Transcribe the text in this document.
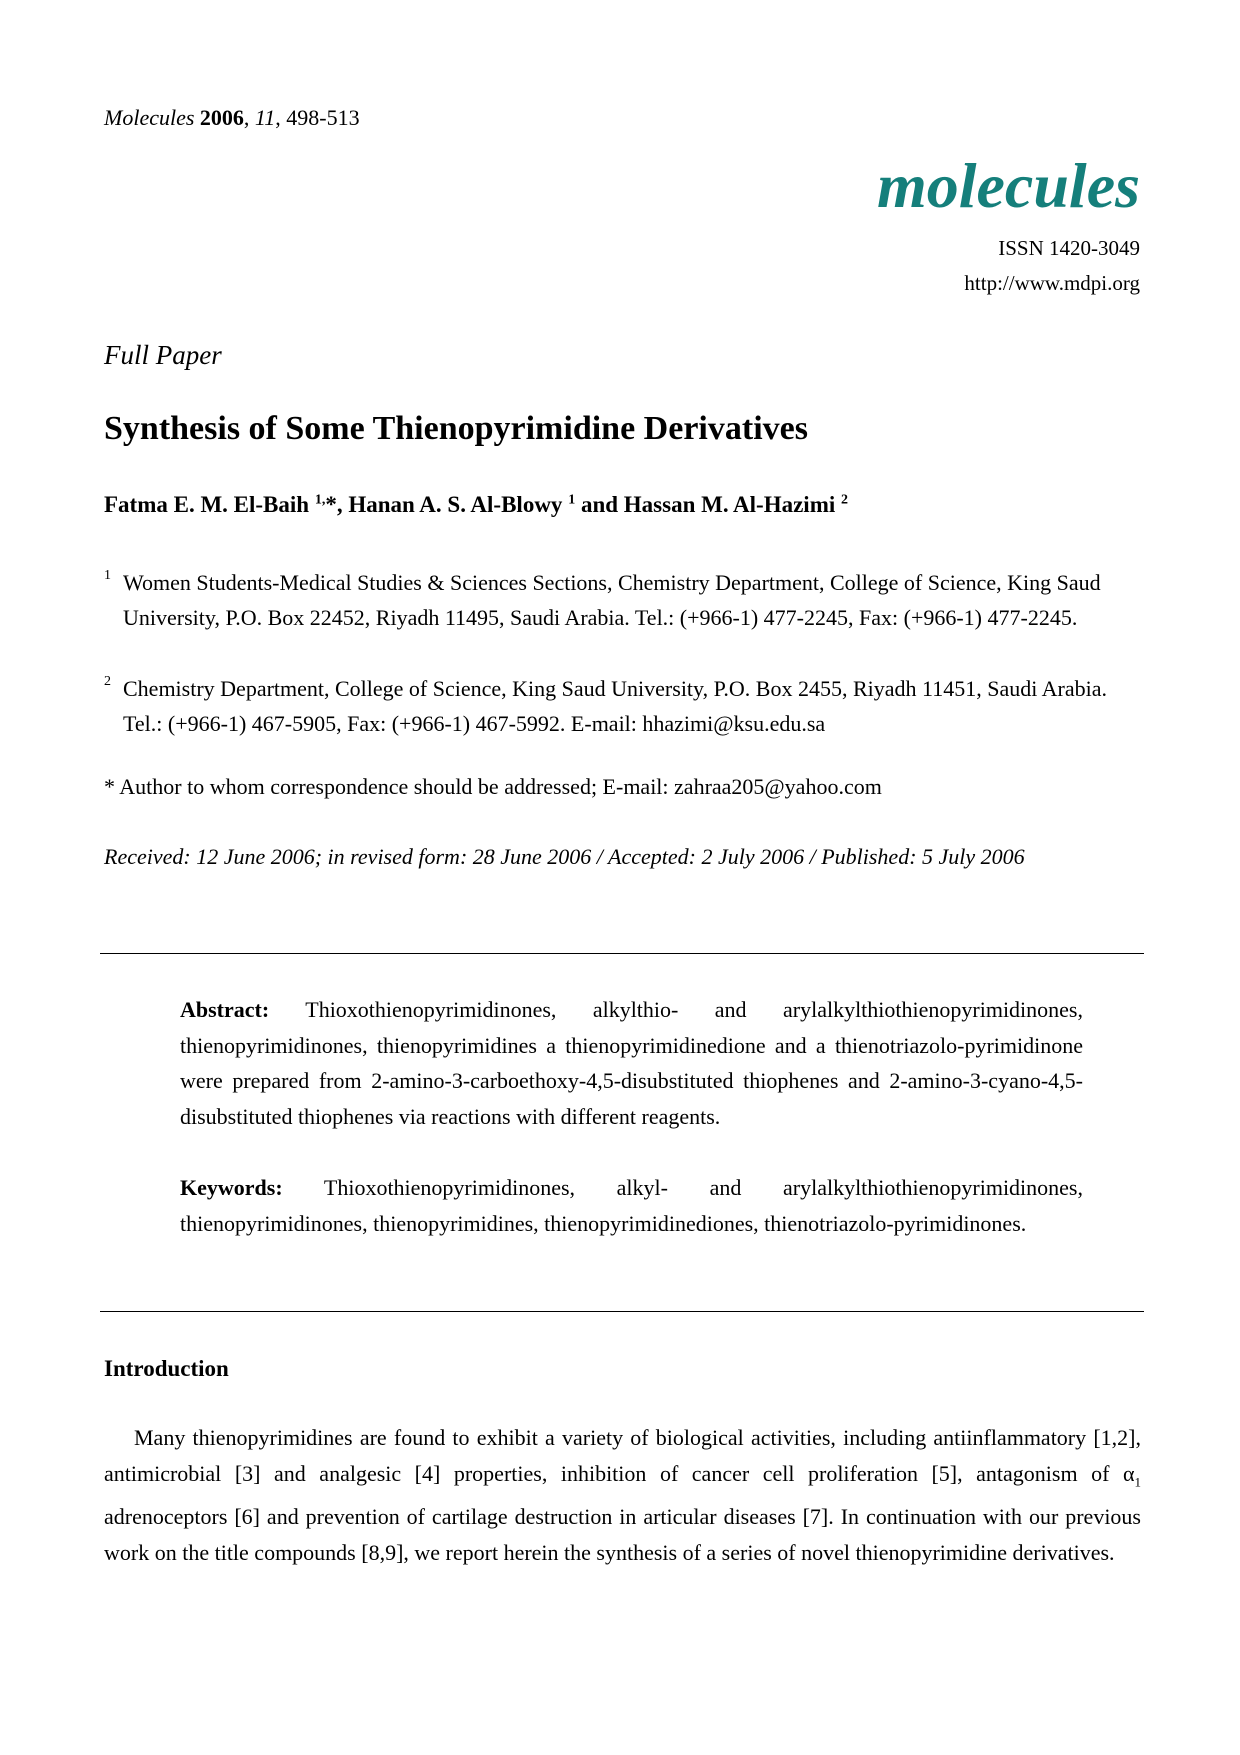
Molecules 2006, 11, 498-513
molecules
ISSN 1420-3049
http://www.mdpi.org
Full Paper
Synthesis of Some Thienopyrimidine Derivatives
Fatma E. M. El-Baih $^{1,}$*, Hanan A. S. Al-Blowy $^1$ and Hassan M. Al-Hazimi $^2$
1 Women Students-Medical Studies & Sciences Sections, Chemistry Department, College of Science, King Saud University, P.O. Box 22452, Riyadh 11495, Saudi Arabia. Tel.: (+966-1) 477-2245, Fax: (+966-1) 477-2245.
2 Chemistry Department, College of Science, King Saud University, P.O. Box 2455, Riyadh 11451, Saudi Arabia. Tel.: (+966-1) 467-5905, Fax: (+966-1) 467-5992. E-mail: hhazimi@ksu.edu.sa
* Author to whom correspondence should be addressed; E-mail: zahraa205@yahoo.com
Received: 12 June 2006; in revised form: 28 June 2006 / Accepted: 2 July 2006 / Published: 5 July 2006
Abstract: Thioxothienopyrimidinones, alkylthio- and arylalkylthiothienopyrimidinones, thienopyrimidinones, thienopyrimidines a thienopyrimidinedione and a thienotriazolo-pyrimidinone were prepared from 2-amino-3-carboethoxy-4,5-disubstituted thiophenes and 2-amino-3-cyano-4,5-disubstituted thiophenes via reactions with different reagents.
Keywords: Thioxothienopyrimidinones, alkyl- and arylalkylthiothienopyrimidinones, thienopyrimidinones, thienopyrimidines, thienopyrimidinediones, thienotriazolo-pyrimidinones.
Introduction
Many thienopyrimidines are found to exhibit a variety of biological activities, including antiinflammatory [1,2], antimicrobial [3] and analgesic [4] properties, inhibition of cancer cell proliferation [5], antagonism of $\alpha_1$ adrenoceptors [6] and prevention of cartilage destruction in articular diseases [7]. In continuation with our previous work on the title compounds [8,9], we report herein the synthesis of a series of novel thienopyrimidine derivatives.
